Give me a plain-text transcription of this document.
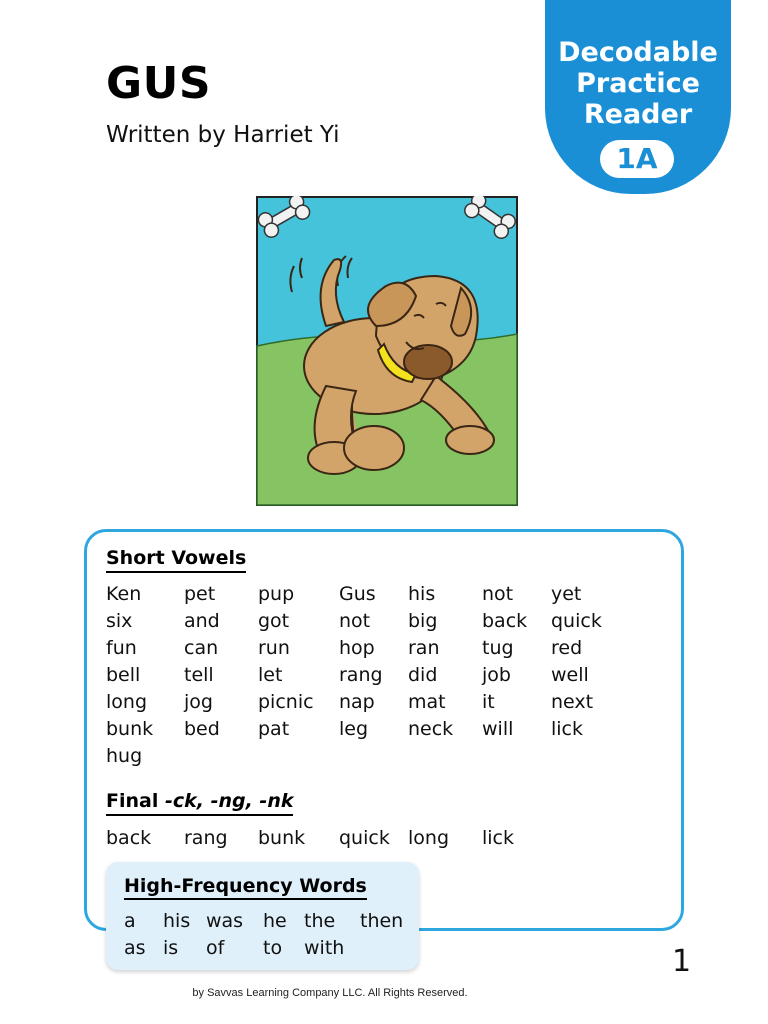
GUS
Written by Harriet Yi
Decodable
Practice
Reader
1A
Short Vowels
Ken pet pup Gus his not yet
six	and got	not big back quick
fun can run	hop ran tug red
bell tell let	rang did job well
long jog picnic nap mat it	next
bunk bed pat	leg neck will lick
hug
Final -ck, -ng, -nk
back rang bunk quick long lick
High-Frequency Words
a his was he the then
as is of to with	1
by Savvas Learning Company LLC. All Rights Reserved.
